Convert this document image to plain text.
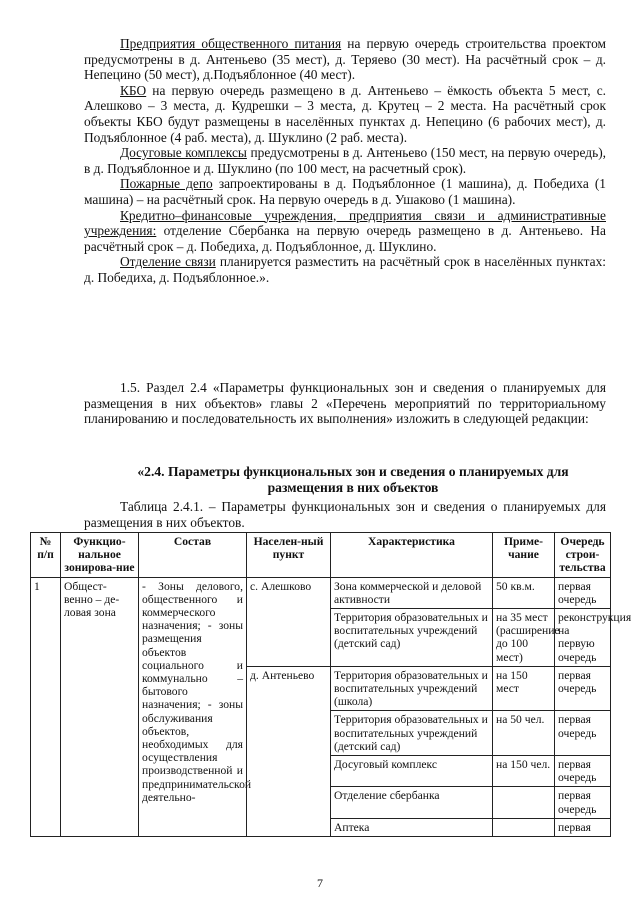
Предприятия общественного питания на первую очередь строительства проектом предусмотрены в д. Антеньево (35 мест), д. Теряево (30 мест). На расчётный срок – д. Непецино (50 мест), д.Подъяблонное (40 мест).

КБО на первую очередь размещено в д. Антеньево – ёмкость объекта 5 мест, с. Алешково – 3 места, д. Кудрешки – 3 места, д. Крутец – 2 места. На расчётный срок объекты КБО будут размещены в населённых пунктах д. Непецино (6 рабочих мест), д. Подъяблонное (4 раб. места), д. Шуклино (2 раб. места).

Досуговые комплексы предусмотрены в д. Антеньево (150 мест, на первую очередь), в д. Подъяблонное и д. Шуклино (по 100 мест, на расчетный срок).

Пожарные депо запроектированы в д. Подъяблонное (1 машина), д. Победиха (1 машина) – на расчётный срок. На первую очередь в д. Ушаково (1 машина).

Кредитно–финансовые учреждения, предприятия связи и административные учреждения: отделение Сбербанка на первую очередь размещено в д. Антеньево. На расчётный срок – д. Победиха, д. Подъяблонное, д. Шуклино.

Отделение связи планируется разместить на расчётный срок в населённых пунктах: д. Победиха, д. Подъяблонное.».

1.5. Раздел 2.4 «Параметры функциональных зон и сведения о планируемых для размещения в них объектов» главы 2 «Перечень мероприятий по территориальному планированию и последовательность их выполнения» изложить в следующей редакции:

«2.4. Параметры функциональных зон и сведения о планируемых для размещения в них объектов

Таблица 2.4.1. – Параметры функциональных зон и сведения о планируемых для размещения в них объектов.

№ п/п	Функцио-нальное зонирова-ние	Состав	Населен-ный пункт	Характеристика	Приме-чание	Очередь строи-тельства
1	Общест-венно – де-ловая зона	- Зоны делового, общественного и коммерческого назначения; - зоны размещения объектов социального и коммунально – бытового назначения; - зоны обслуживания объектов, необходимых для осуществления производственной и предпринимательской деятельно-	с. Алешково	Зона коммерческой и деловой активности	50 кв.м.	первая очередь
				Территория образовательных и воспитательных учреждений (детский сад)	на 35 мест (расширение до 100 мест)	реконструкция на первую очередь
			д. Антеньево	Территория образовательных и воспитательных учреждений (школа)	на 150 мест	первая очередь
				Территория образовательных и воспитательных учреждений (детский сад)	на 50 чел.	первая очередь
				Досуговый комплекс	на 150 чел.	первая очередь
				Отделение сбербанка		первая очередь
				Аптека		первая
7
